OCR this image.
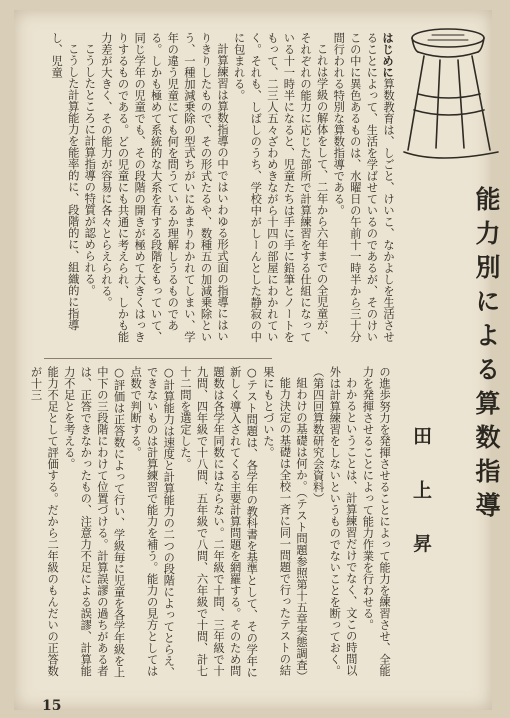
能力別による算数指導

はじめに算数教育は、しごと、けいこ、なかよしを生活させることによって、生活を学ばせているのであるが、そのけいこの中に異色あるものは、水曜日の午前十一時半から三十分間行われる特別な算数指導である。

これは学級の解体をして、二年から六年までの全児童が、それぞれの能力に応じた部所で計算練習をする仕組になっている十一時半になると、児童たちは手に手に鉛筆とノートをもって、二三人五々ざわめきながら十四の部屋にわかれていく。それも、しばしのうち、学校中がしーんとした静寂の中に包まれる。

計算練習は算数指導の中ではいわゆる形式面の指導にはいりきりしたもので、その形式たるや、数種五の加減乗除という、一種加減乗除の型式ちがいにあまりわかれてしまい、学年の違う児童にても何を問うているか理解しうるものである。しかも極めて系統的な大系を有する段階をもっていて、同じ学年の児童でも、その段階の開きが極めて大きくはっきりするものである。どの児童にも共通に考えられ、しかも能力差が大きく、その能力が容易に各々とらえられる。

こうしたところに計算指導の特質が認められる。

こうした計算能力を能率的に、段階的に、組織的に指導し、児童

田 上 昇

の進歩努力を発揮させることによって能力を練習させ、全能力を発揮させることによって能力作業を行わせる。

わかるということは、計算練習だけでなく、文この時間以外は計算練習をしないというものでないことを断っておく。（第四回算数研究会資料）

組わけの基礎は何か。（テスト問題参照第十五章実態調査）

能力決定の基礎は全校一斉に同一問題で行ったテストの結果にもとづいた。

○テスト問題は、各学年の教科書を基準として、その学年に新しく導入されてくる主要計算問題を網羅する。そのため問題数は各学年同数にはならない。二年級で十問、三年級で十九問、四年級で十八問、五年級で八問、六年級で十問、計七十二問を選定した。

○計算能力は速度と計算能力の二つの段階によってとらえ、できないものは計算練習で能力を補う。能力の見方としては点数で判断する。

○評価は正答数によって行い、学級毎に児童を各学年級を上中下の三段階にわけて位置づける。計算誤謬の過ちがある者は、正答できなかったもの、注意力不足による誤謬、計算能力不足とを考える。

能力不足として評価する。だから二年級のもんだいの正答数が十三

15
